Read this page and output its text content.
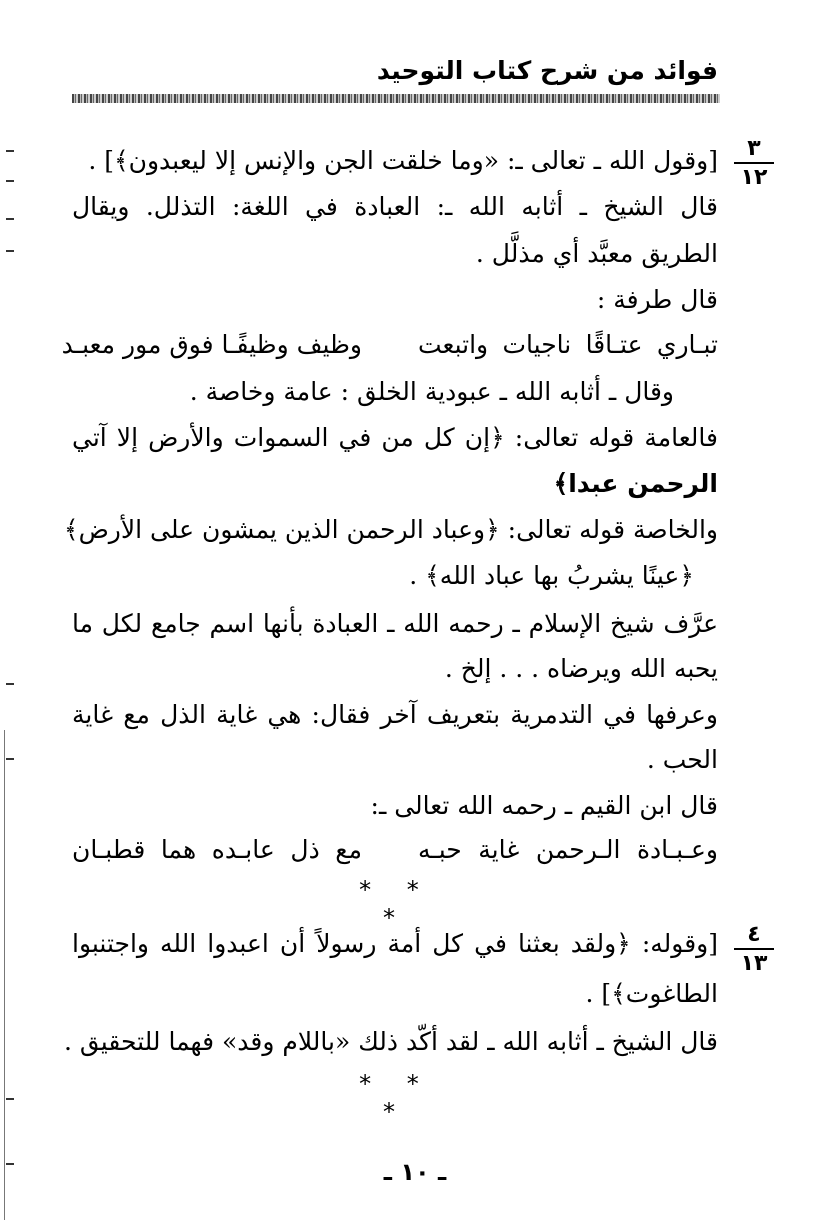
فوائد من شرح كتاب التوحيد
٣
١٢
[وقول الله ـ تعالى ـ: «وما خلقت الجن والإنس إلا ليعبدون﴾] .
قال الشيخ ـ أثابه الله ـ: العبادة في اللغة: التذلل. ويقال
الطريق معبَّد أي مذلَّل .
قال طرفة :
تبـاري عتـاقًا ناجيات واتبعت
وظيف وظيفًـا فوق مور معبـد
وقال ـ أثابه الله ـ عبودية الخلق : عامة وخاصة .
فالعامة قوله تعالى: ﴿إن كل من في السموات والأرض إلا آتي
الرحمن عبدا﴾
والخاصة قوله تعالى: ﴿وعباد الرحمن الذين يمشون على الأرض﴾
﴿عينًا يشربُ بها عباد الله﴾ .
عرَّف شيخ الإسلام ـ رحمه الله ـ العبادة بأنها اسم جامع لكل ما
يحبه الله ويرضاه . . . إلخ .
وعرفها في التدمرية بتعريف آخر فقال: هي غاية الذل مع غاية
الحب .
قال ابن القيم ـ رحمه الله تعالى ـ:
وعـبـادة الـرحمن غاية حبـه
مع ذل عابـده هما قطبـان
* * *
٤
١٣
[وقوله: ﴿ولقد بعثنا في كل أمة رسولاً أن اعبدوا الله واجتنبوا
الطاغوت﴾] .
قال الشيخ ـ أثابه الله ـ لقد أكّد ذلك «باللام وقد» فهما للتحقيق .
* * *
ـ ١٠ ـ
